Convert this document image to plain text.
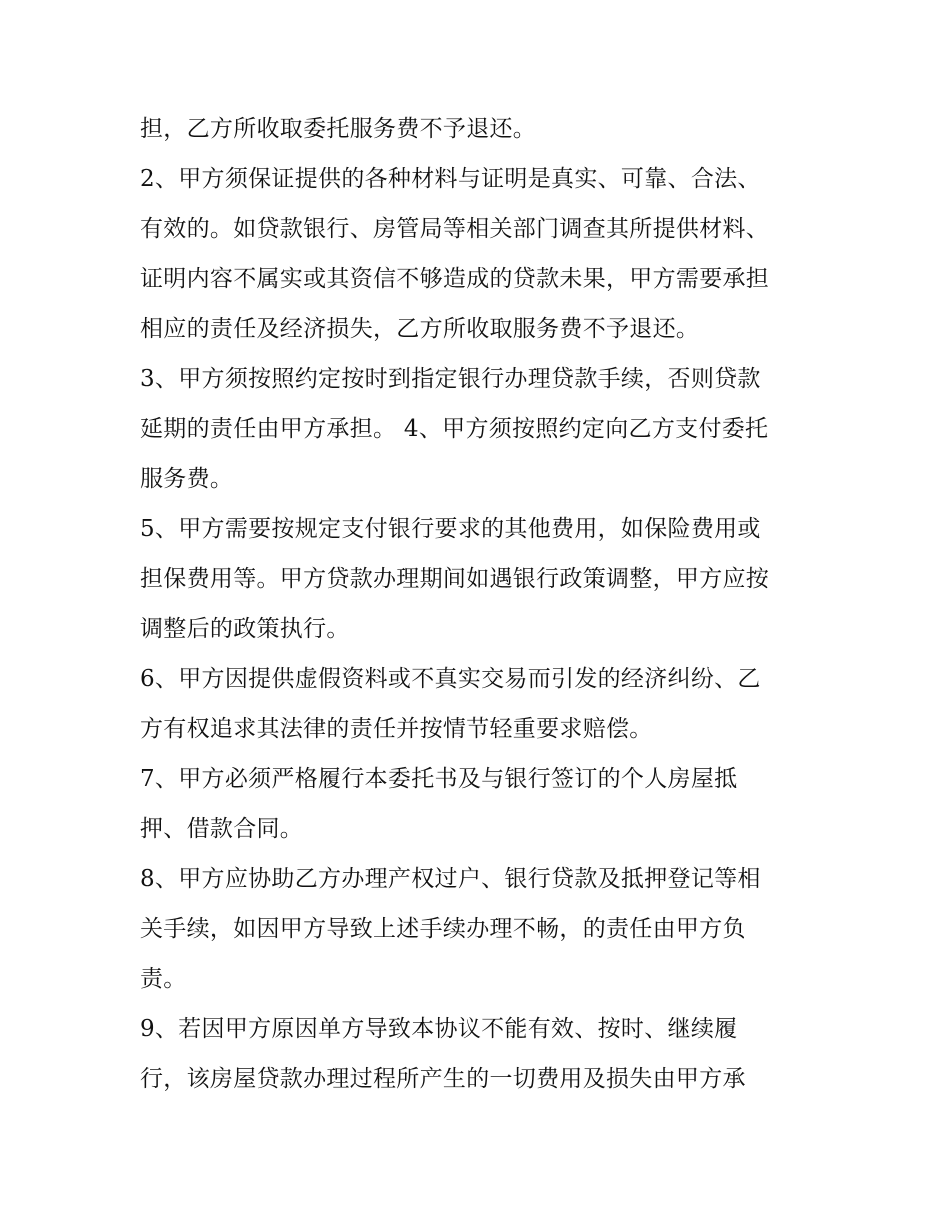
担，乙方所收取委托服务费不予退还。
2、甲方须保证提供的各种材料与证明是真实、可靠、合法、
有效的。如贷款银行、房管局等相关部门调查其所提供材料、
证明内容不属实或其资信不够造成的贷款未果，甲方需要承担
相应的责任及经济损失，乙方所收取服务费不予退还。
3、甲方须按照约定按时到指定银行办理贷款手续，否则贷款
延期的责任由甲方承担。 4、甲方须按照约定向乙方支付委托
服务费。
5、甲方需要按规定支付银行要求的其他费用，如保险费用或
担保费用等。甲方贷款办理期间如遇银行政策调整，甲方应按
调整后的政策执行。
6、甲方因提供虚假资料或不真实交易而引发的经济纠纷、乙
方有权追求其法律的责任并按情节轻重要求赔偿。
7、甲方必须严格履行本委托书及与银行签订的个人房屋抵
押、借款合同。
8、甲方应协助乙方办理产权过户、银行贷款及抵押登记等相
关手续，如因甲方导致上述手续办理不畅，的责任由甲方负
责。
9、若因甲方原因单方导致本协议不能有效、按时、继续履
行，该房屋贷款办理过程所产生的一切费用及损失由甲方承
